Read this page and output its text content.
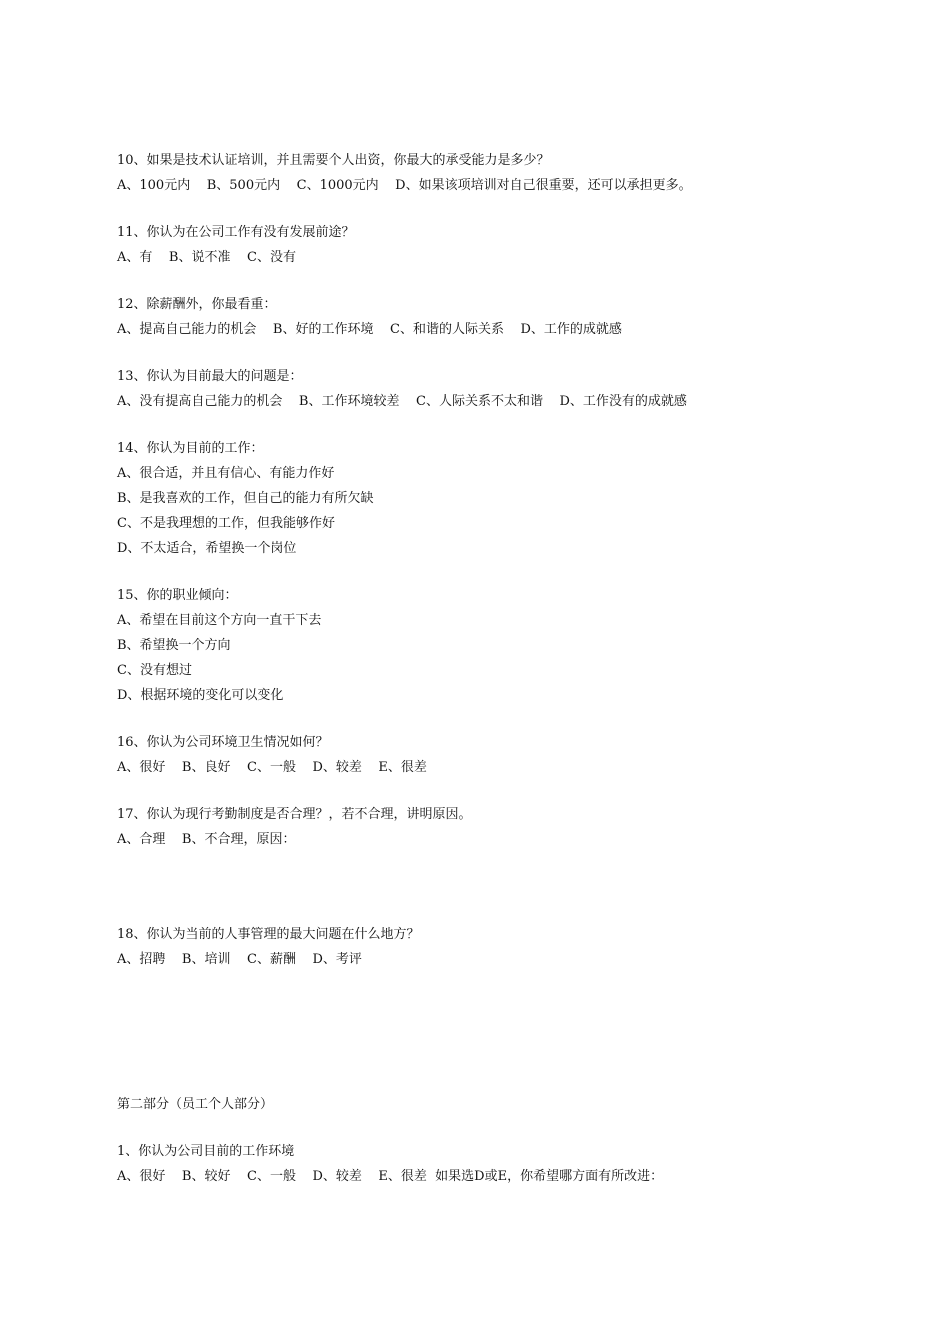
10、如果是技术认证培训，并且需要个人出资，你最大的承受能力是多少？
A、100元内    B、500元内    C、1000元内    D、如果该项培训对自己很重要，还可以承担更多。
11、你认为在公司工作有没有发展前途？
A、有    B、说不准    C、没有
12、除薪酬外，你最看重：
A、提高自己能力的机会    B、好的工作环境    C、和谐的人际关系    D、工作的成就感
13、你认为目前最大的问题是：
A、没有提高自己能力的机会    B、工作环境较差    C、人际关系不太和谐    D、工作没有的成就感
14、你认为目前的工作：
A、很合适，并且有信心、有能力作好
B、是我喜欢的工作，但自己的能力有所欠缺
C、不是我理想的工作，但我能够作好
D、不太适合，希望换一个岗位
15、你的职业倾向：
A、希望在目前这个方向一直干下去
B、希望换一个方向
C、没有想过
D、根据环境的变化可以变化
16、你认为公司环境卫生情况如何？
A、很好    B、良好    C、一般    D、较差    E、很差
17、你认为现行考勤制度是否合理？，若不合理，讲明原因。
A、合理    B、不合理，原因：
18、你认为当前的人事管理的最大问题在什么地方？
A、招聘    B、培训    C、薪酬    D、考评
第二部分（员工个人部分）
1、你认为公司目前的工作环境
A、很好    B、较好    C、一般    D、较差    E、很差  如果选D或E，你希望哪方面有所改进：
